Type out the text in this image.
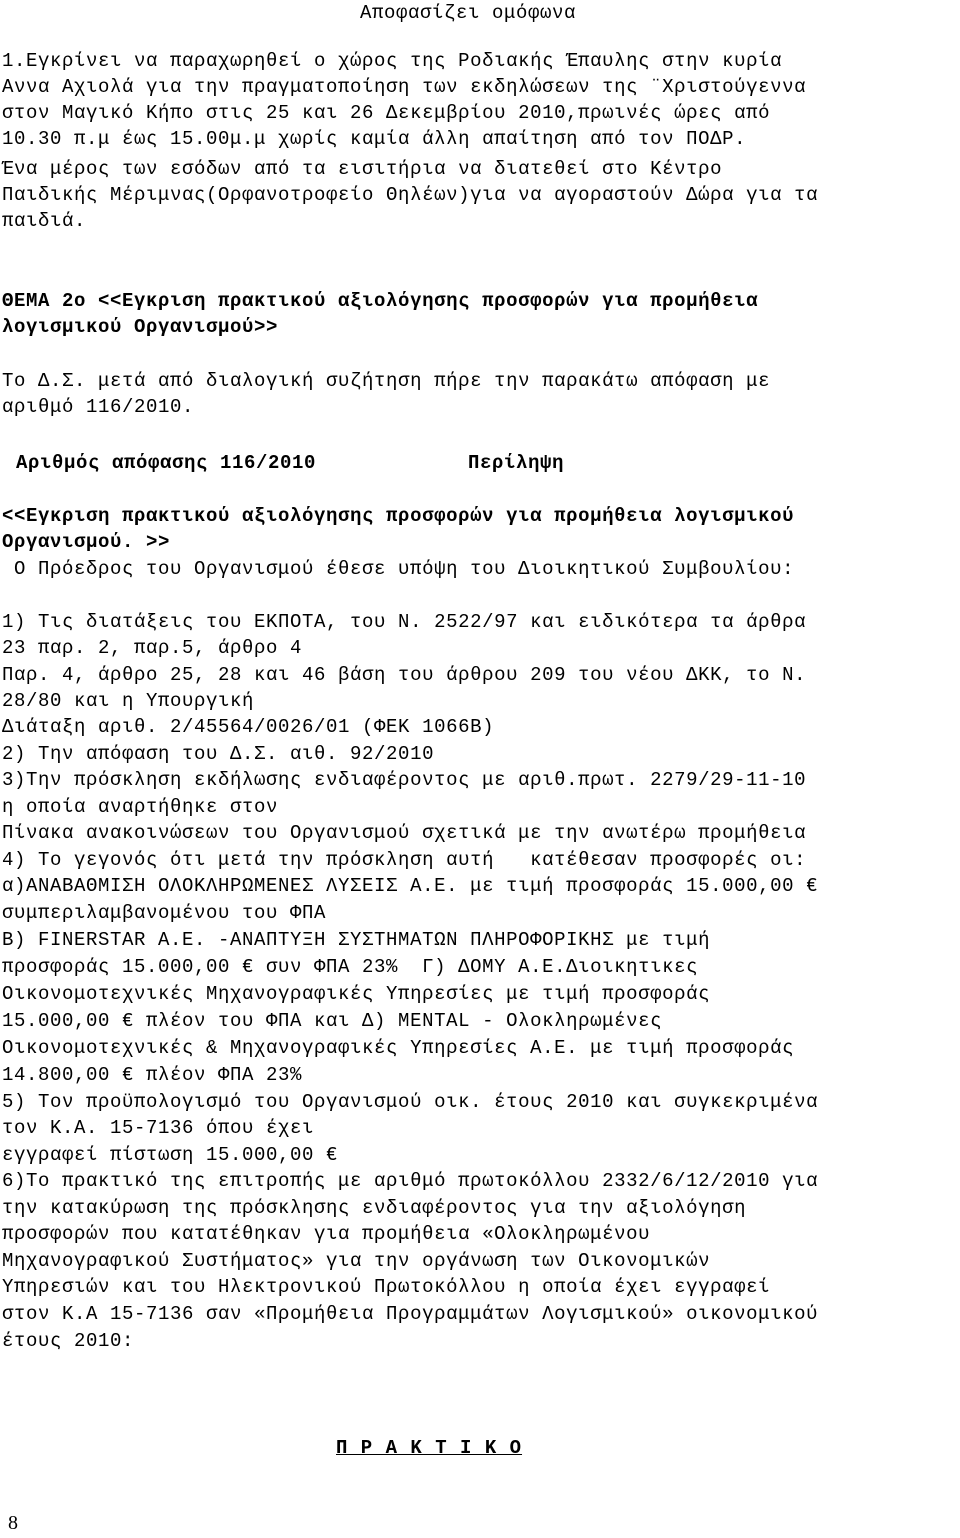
Αποφασίζει ομόφωνα
1.Εγκρίνει να παραχωρηθεί ο χώρος της Ροδιακής Έπαυλης στην κυρία
Αννα Αχιολά για την πραγματοποίηση των εκδηλώσεων της ¨Χριστούγεννα
στον Μαγικό Κήπο στις 25 και 26 Δεκεμβρίου 2010,πρωινές ώρες από
10.30 π.μ έως 15.00μ.μ χωρίς καμία άλλη απαίτηση από τον ΠΟΔΡ.
Ένα μέρος των εσόδων από τα εισιτήρια να διατεθεί στο Κέντρο
Παιδικής Μέριμνας(Ορφανοτροφείο Θηλέων)για να αγοραστούν Δώρα για τα
παιδιά.
ΘΕΜΑ 2ο <<Εγκριση πρακτικού αξιολόγησης προσφορών για προμήθεια
λογισμικού Οργανισμού>>
Το Δ.Σ. μετά από διαλογική συζήτηση πήρε την παρακάτω απόφαση με
αριθμό 116/2010.
Αριθμός απόφασης 116/2010	Περίληψη
<<Εγκριση πρακτικού αξιολόγησης προσφορών για προμήθεια λογισμικού
Οργανισμού. >>
Ο Πρόεδρος του Οργανισμού έθεσε υπόψη του Διοικητικού Συμβουλίου:
1) Τις διατάξεις του ΕΚΠΟΤΑ, του Ν. 2522/97 και ειδικότερα τα άρθρα
23 παρ. 2, παρ.5, άρθρο 4
Παρ. 4, άρθρο 25, 28 και 46 βάση του άρθρου 209 του νέου ΔΚΚ, το Ν.
28/80 και η Υπουργική
Διάταξη αριθ. 2/45564/0026/01 (ΦΕΚ 1066Β)
2) Την απόφαση του Δ.Σ. αιθ. 92/2010
3)Την πρόσκληση εκδήλωσης ενδιαφέροντος με αριθ.πρωτ. 2279/29-11-10
η οποία αναρτήθηκε στον
Πίνακα ανακοινώσεων του Οργανισμού σχετικά με την ανωτέρω προμήθεια
4) Το γεγονός ότι μετά την πρόσκληση αυτή   κατέθεσαν προσφορές οι:
α)ΑΝΑΒΑΘΜΙΣΗ ΟΛΟΚΛΗΡΩΜΕΝΕΣ ΛΥΣΕΙΣ Α.Ε. με τιμή προσφοράς 15.000,00 €
συμπεριλαμβανομένου του ΦΠΑ
Β) FINERSTAR Α.Ε. -ΑΝΑΠΤΥΞΗ ΣΥΣΤΗΜΑΤΩΝ ΠΛΗΡΟΦΟΡΙΚΗΣ με τιμή
προσφοράς 15.000,00 € συν ΦΠΑ 23%  Γ) ΔΟΜΥ Α.Ε.Διοικητικες
Οικονομοτεχνικές Μηχανογραφικές Υπηρεσίες με τιμή προσφοράς
15.000,00 € πλέον του ΦΠΑ και Δ) MENTAL - Ολοκληρωμένες
Οικονομοτεχνικές & Μηχανογραφικές Υπηρεσίες Α.Ε. με τιμή προσφοράς
14.800,00 € πλέον ΦΠΑ 23%
5) Τον προϋπολογισμό του Οργανισμού οικ. έτους 2010 και συγκεκριμένα
τον Κ.Α. 15-7136 όπου έχει
εγγραφεί πίστωση 15.000,00 €
6)Το πρακτικό της επιτροπής με αριθμό πρωτοκόλλου 2332/6/12/2010 για
την κατακύρωση της πρόσκλησης ενδιαφέροντος για την αξιολόγηση
προσφορών που κατατέθηκαν για προμήθεια «Ολοκληρωμένου
Μηχανογραφικού Συστήματος» για την οργάνωση των Οικονομικών
Υπηρεσιών και του Ηλεκτρονικού Πρωτοκόλλου η οποία έχει εγγραφεί
στον Κ.Α 15-7136 σαν «Προμήθεια Προγραμμάτων Λογισμικού» οικονομικού
έτους 2010:
Π Ρ Α Κ Τ Ι Κ Ο
8
